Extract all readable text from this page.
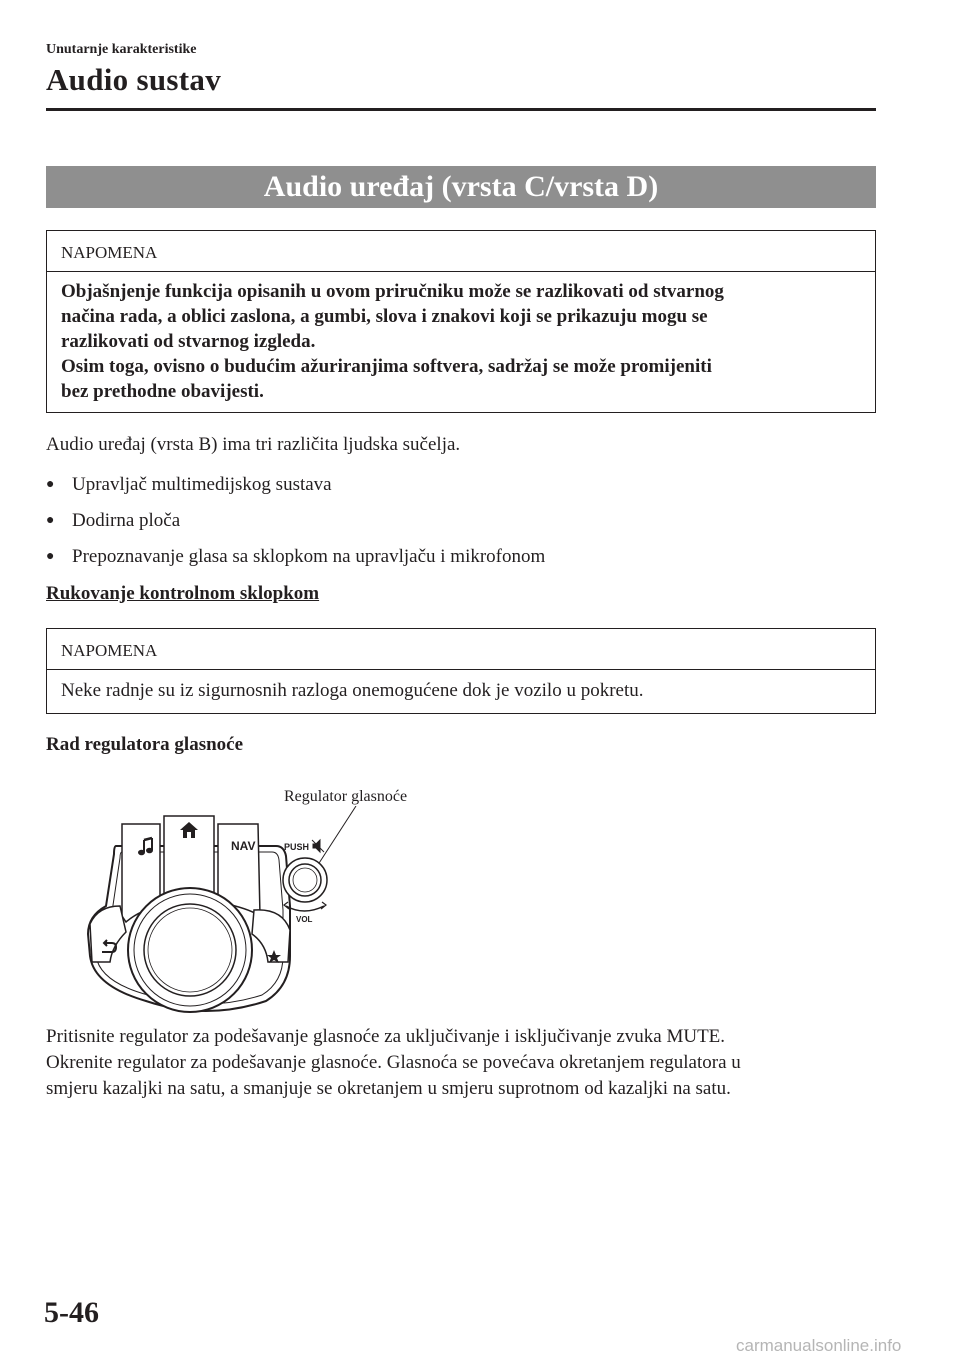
Unutarnje karakteristike
Audio sustav
Audio uređaj (vrsta C/vrsta D)
NAPOMENA
Objašnjenje funkcija opisanih u ovom priručniku može se razlikovati od stvarnog
načina rada, a oblici zaslona, a gumbi, slova i znakovi koji se prikazuju mogu se
razlikovati od stvarnog izgleda.
Osim toga, ovisno o budućim ažuriranjima softvera, sadržaj se može promijeniti
bez prethodne obavijesti.
Audio uređaj (vrsta B) ima tri različita ljudska sučelja.
● Upravljač multimedijskog sustava
● Dodirna ploča
● Prepoznavanje glasa sa sklopkom na upravljaču i mikrofonom
Rukovanje kontrolnom sklopkom
NAPOMENA
Neke radnje su iz sigurnosnih razloga onemogućene dok je vozilo u pokretu.
Rad regulatora glasnoće
Regulator glasnoće
NAV	PUSH
VOL
Pritisnite regulator za podešavanje glasnoće za uključivanje i isključivanje zvuka MUTE.
Okrenite regulator za podešavanje glasnoće. Glasnoća se povećava okretanjem regulatora u
smjeru kazaljki na satu, a smanjuje se okretanjem u smjeru suprotnom od kazaljki na satu.
5-46
carmanualsonline.info
